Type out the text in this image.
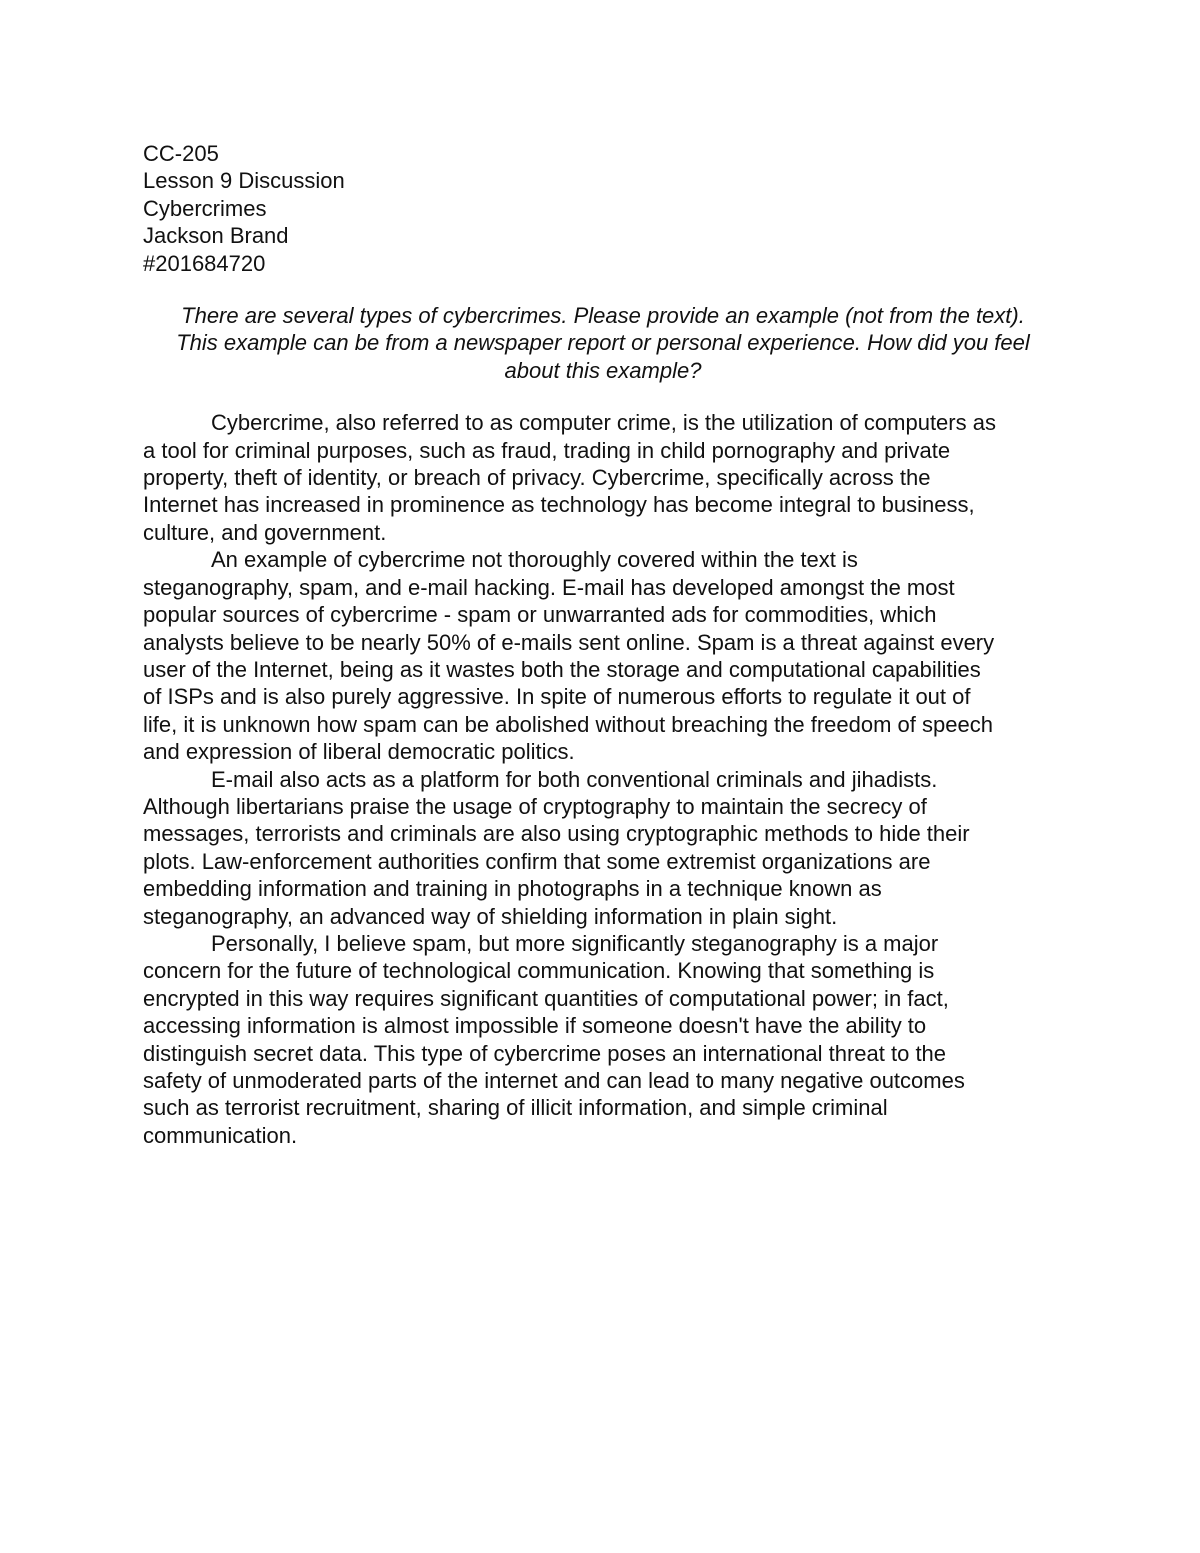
CC-205

Lesson 9 Discussion

Cybercrimes

Jackson Brand

#201684720

There are several types of cybercrimes. Please provide an example (not from the text).
This example can be from a newspaper report or personal experience. How did you feel
about this example?

Cybercrime, also referred to as computer crime, is the utilization of computers as
a tool for criminal purposes, such as fraud, trading in child pornography and private
property, theft of identity, or breach of privacy. Cybercrime, specifically across the
Internet has increased in prominence as technology has become integral to business,
culture, and government.

An example of cybercrime not thoroughly covered within the text is
steganography, spam, and e-mail hacking. E-mail has developed amongst the most
popular sources of cybercrime - spam or unwarranted ads for commodities, which
analysts believe to be nearly 50% of e-mails sent online. Spam is a threat against every
user of the Internet, being as it wastes both the storage and computational capabilities
of ISPs and is also purely aggressive. In spite of numerous efforts to regulate it out of
life, it is unknown how spam can be abolished without breaching the freedom of speech
and expression of liberal democratic politics.

E-mail also acts as a platform for both conventional criminals and jihadists.
Although libertarians praise the usage of cryptography to maintain the secrecy of
messages, terrorists and criminals are also using cryptographic methods to hide their
plots. Law-enforcement authorities confirm that some extremist organizations are
embedding information and training in photographs in a technique known as
steganography, an advanced way of shielding information in plain sight.

Personally, I believe spam, but more significantly steganography is a major
concern for the future of technological communication. Knowing that something is
encrypted in this way requires significant quantities of computational power; in fact,
accessing information is almost impossible if someone doesn't have the ability to
distinguish secret data. This type of cybercrime poses an international threat to the
safety of unmoderated parts of the internet and can lead to many negative outcomes
such as terrorist recruitment, sharing of illicit information, and simple criminal
communication.
